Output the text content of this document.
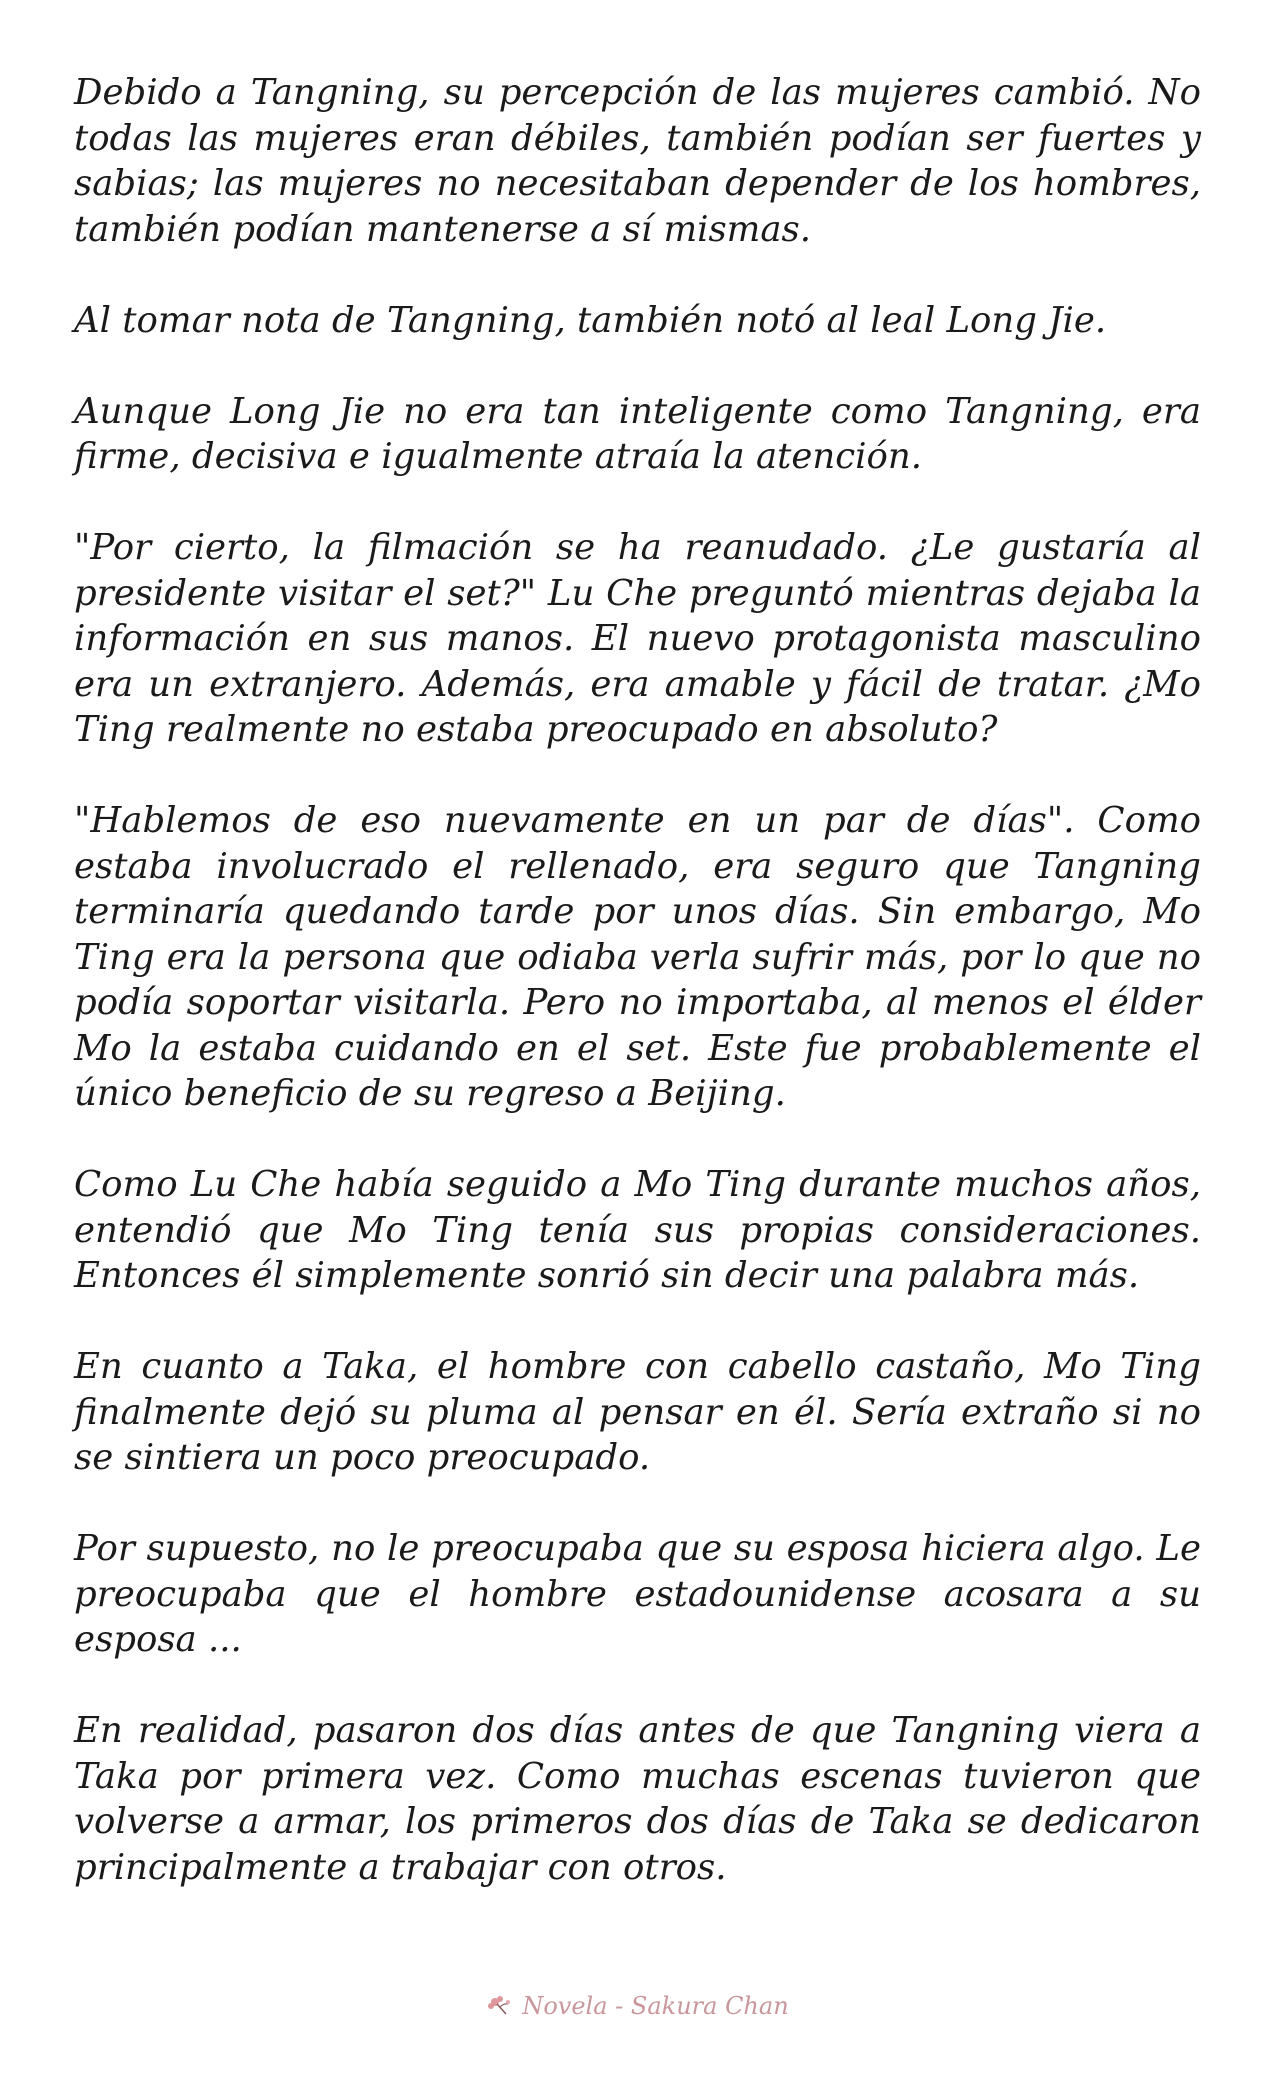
Debido a Tangning, su percepción de las mujeres cambió. No todas las mujeres eran débiles, también podían ser fuertes y sabias; las mujeres no necesitaban depender de los hombres, también podían mantenerse a sí mismas.

Al tomar nota de Tangning, también notó al leal Long Jie.

Aunque Long Jie no era tan inteligente como Tangning, era firme, decisiva e igualmente atraía la atención.

"Por cierto, la filmación se ha reanudado. ¿Le gustaría al presidente visitar el set?" Lu Che preguntó mientras dejaba la información en sus manos. El nuevo protagonista masculino era un extranjero. Además, era amable y fácil de tratar. ¿Mo Ting realmente no estaba preocupado en absoluto?

"Hablemos de eso nuevamente en un par de días". Como estaba involucrado el rellenado, era seguro que Tangning terminaría quedando tarde por unos días. Sin embargo, Mo Ting era la persona que odiaba verla sufrir más, por lo que no podía soportar visitarla. Pero no importaba, al menos el élder Mo la estaba cuidando en el set. Este fue probablemente el único beneficio de su regreso a Beijing.

Como Lu Che había seguido a Mo Ting durante muchos años, entendió que Mo Ting tenía sus propias consideraciones. Entonces él simplemente sonrió sin decir una palabra más.

En cuanto a Taka, el hombre con cabello castaño, Mo Ting finalmente dejó su pluma al pensar en él. Sería extraño si no se sintiera un poco preocupado.

Por supuesto, no le preocupaba que su esposa hiciera algo. Le preocupaba que el hombre estadounidense acosara a su esposa ...

En realidad, pasaron dos días antes de que Tangning viera a Taka por primera vez. Como muchas escenas tuvieron que volverse a armar, los primeros dos días de Taka se dedicaron principalmente a trabajar con otros.

Novela - Sakura Chan
